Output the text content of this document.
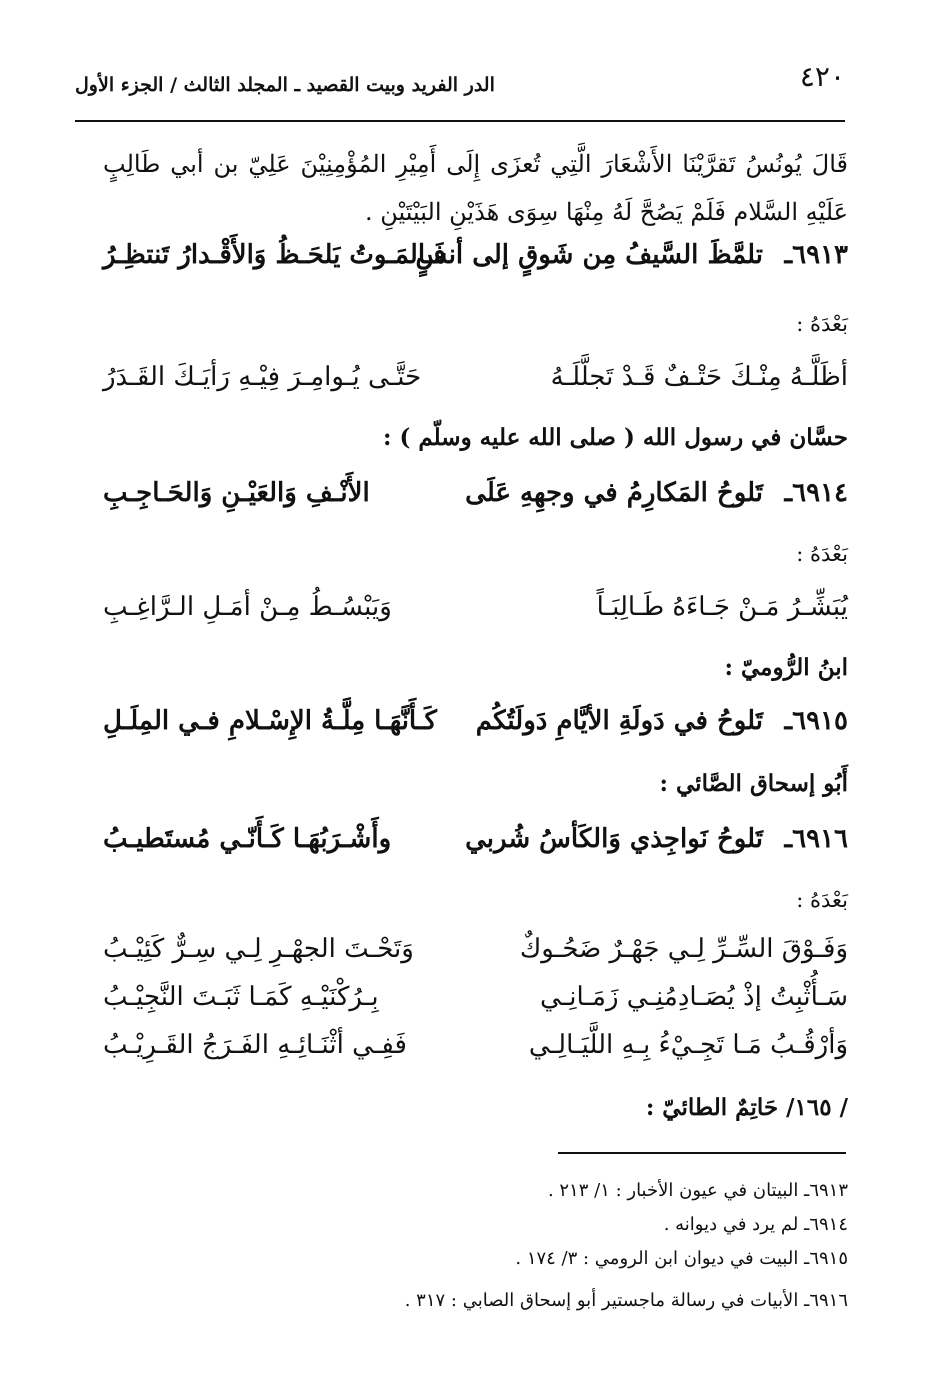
٤٢٠
الدر الفريد وبيت القصيد ـ المجلد الثالث / الجزء الأول
قَالَ يُونُسُ تَقرَّيْنَا الأَشْعَارَ الَّتِي تُعزَى إِلَى أَمِيْرِ المُؤْمِنِيْنَ عَلِيّ بن أبي طَالِبٍ عَلَيْهِ السَّلام فَلَمْ يَصُحَّ لَهُ مِنْهَا سِوَى هَذَيْنِ البَيْتَيْنِ .
٦٩١٣ـ
تلمَّظَ السَّيفُ مِن شَوقٍ إلى أنسٍ
فَـالمَـوتُ يَلحَـظُ وَالأَقْـدارُ تَنتظِـرُ
بَعْدَهُ :
أظَلَّـهُ مِنْـكَ حَتْـفٌ قَـدْ تَجلَّلَـهُ
حَتَّـى يُـوامِـرَ فِيْـهِ رَأيَـكَ القَـدَرُ
حسَّان في رسول الله ( صلى الله عليه وسلّم ) :
٦٩١٤ـ
تَلوحُ المَكارِمُ في وجهِهِ عَلَى
الأَنْـفِ وَالعَيْـنِ وَالحَـاجِـبِ
بَعْدَهُ :
يُبَشِّـرُ مَـنْ جَـاءَهُ طَـالِبَـاً
وَيَبْسُـطُ مِـنْ أمَـلِ الـرَّاغِـبِ
ابنُ الرُّوميّ :
٦٩١٥ـ
تَلوحُ في دَولَةِ الأيَّامِ دَولَتُكُم
كَـأَنَّهَـا مِلَّـةُ الإِسْـلامِ فـي المِلَـلِ
أَبُو إسحاق الصَّائي :
٦٩١٦ـ
تَلوحُ نَواجِذي وَالكَأسُ شُربي
وأَشْـرَبُهَـا كَـأَنّـي مُستَطيـبُ
بَعْدَهُ :
وَفَـوْقَ السِّـرِّ لِـي جَهْـرٌ ضَحُـوكٌ
وَتَحْـتَ الجهْـرِ لِـي سِـرٌّ كَئِيْـبُ
سَـأُثْبِتُ إذْ يُصَـادِمُنِـي زَمَـانِـي
بِـرُكْنَيْـهِ كَمَـا ثَبَـتَ النَّجِيْـبُ
وَأرْقُـبُ مَـا تَجِـيْءُ بِـهِ اللَّيَـالِـي
فَفِـي أثْنَـائِـهِ الفَـرَجُ القَـرِيْـبُ
/ ١٦٥/ حَاتِمٌ الطائيّ :
٦٩١٣ـ البيتان في عيون الأخبار : ١/ ٢١٣ .
٦٩١٤ـ لم يرد في ديوانه .
٦٩١٥ـ البيت في ديوان ابن الرومي : ٣/ ١٧٤ .
٦٩١٦ـ الأبيات في رسالة ماجستير أبو إسحاق الصابي : ٣١٧ .
